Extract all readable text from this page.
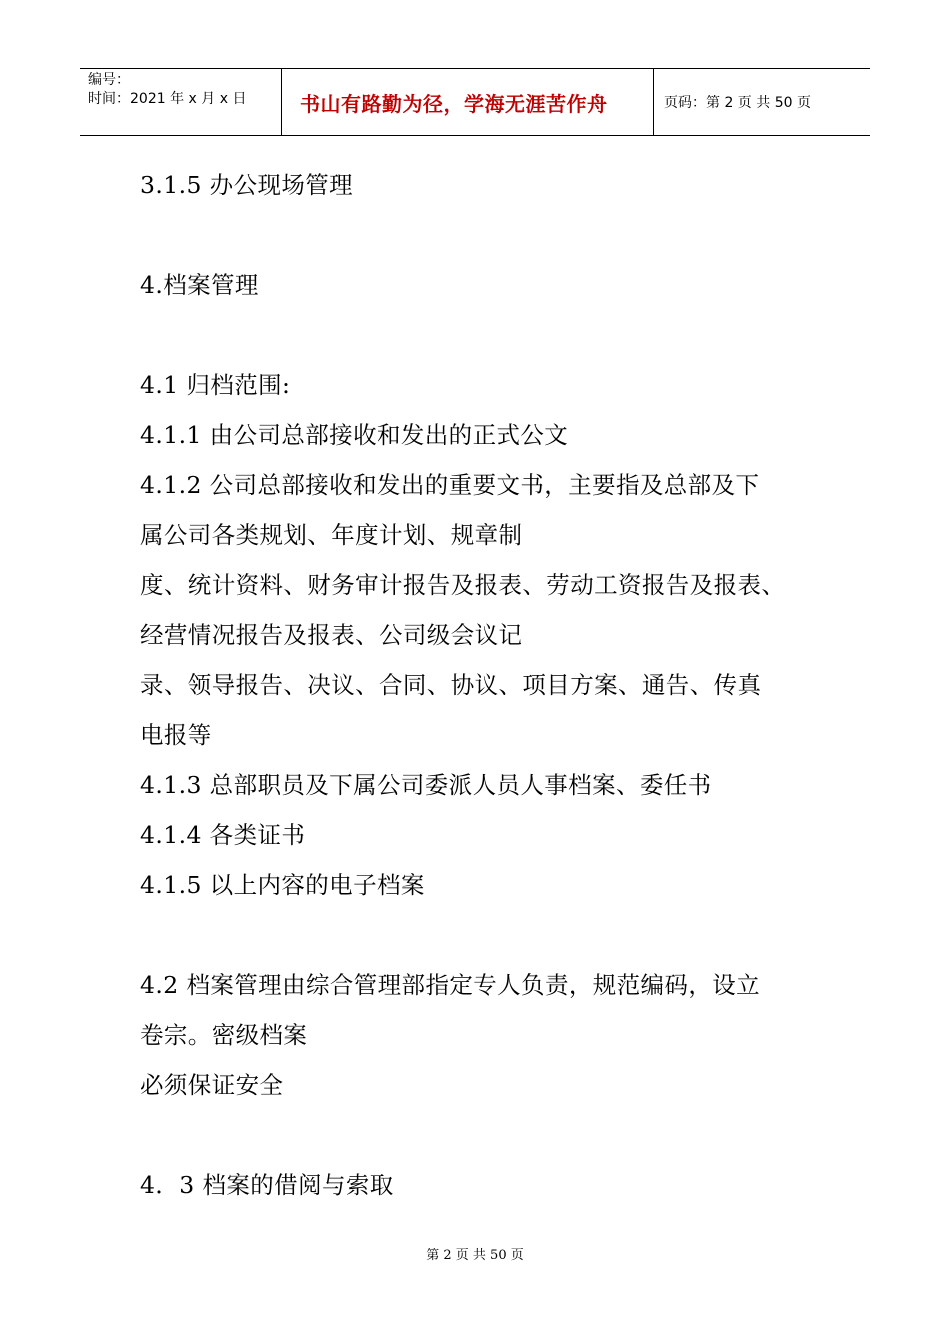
编号：
时间：2021 年 x 月 x 日	书山有路勤为径，学海无涯苦作舟	页码：第 2 页 共 50 页
3.1.5 办公现场管理
4.档案管理
4.1 归档范围:
4.1.1 由公司总部接收和发出的正式公文
4.1.2 公司总部接收和发出的重要文书，主要指及总部及下
属公司各类规划、年度计划、规章制
度、统计资料、财务审计报告及报表、劳动工资报告及报表、
经营情况报告及报表、公司级会议记
录、领导报告、决议、合同、协议、项目方案、通告、传真
电报等
4.1.3 总部职员及下属公司委派人员人事档案、委任书
4.1.4 各类证书
4.1.5 以上内容的电子档案
4.2 档案管理由综合管理部指定专人负责，规范编码，设立
卷宗。密级档案
必须保证安全
4．3 档案的借阅与索取
第 2 页 共 50 页
